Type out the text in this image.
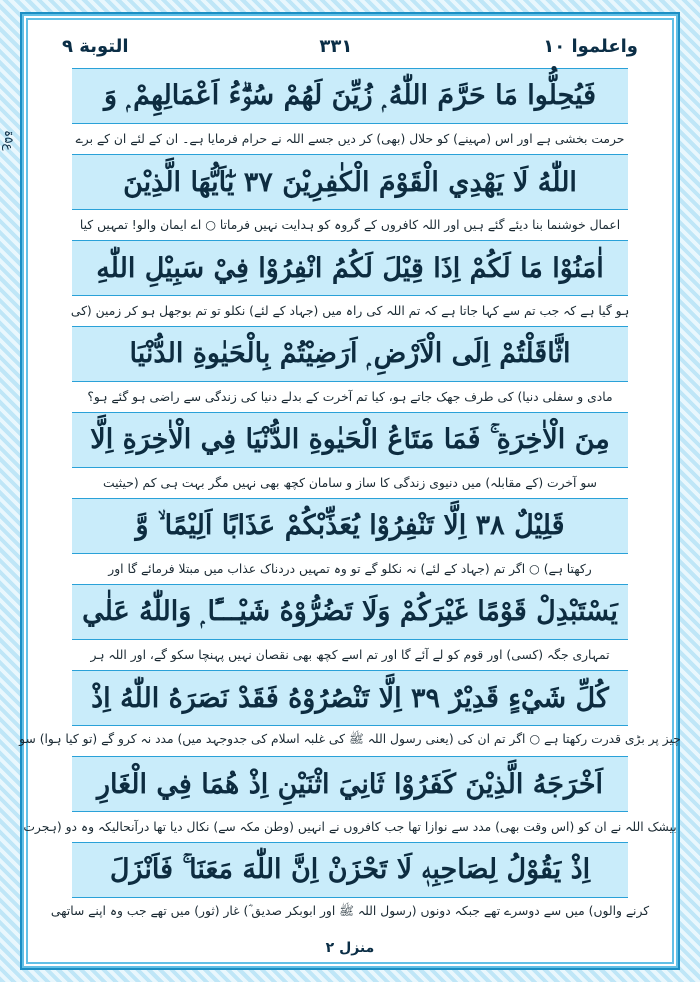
ع۵ۃ
واعلموا ۱۰
۳۳۱
التوبة ۹
فَيُحِلُّوا مَا حَرَّمَ اللّٰهُ ۭ زُيِّنَ لَهُمْ سُوْۗءُ اَعْمَالِهِمْ ۭ وَ
حرمت بخشی ہے اور اس (مہینے) کو حلال (بھی) کر دیں جسے اللہ نے حرام فرمایا ہے۔ ان کے لئے ان کے برے
اللّٰهُ لَا يَهْدِي الْقَوْمَ الْكٰفِرِيْنَ ۳۷ يٰٓاَيُّهَا الَّذِيْنَ
اعمال خوشنما بنا دیئے گئے ہیں اور اللہ کافروں کے گروہ کو ہدایت نہیں فرماتا ○ اے ایمان والو! تمہیں کیا
اٰمَنُوْا مَا لَكُمْ اِذَا قِيْلَ لَكُمُ انْفِرُوْا فِيْ سَبِيْلِ اللّٰهِ
ہو گیا ہے کہ جب تم سے کہا جاتا ہے کہ تم اللہ کی راہ میں (جہاد کے لئے) نکلو تو تم بوجھل ہو کر زمین (کی
اثَّاقَلْتُمْ اِلَى الْاَرْضِ ۭ اَرَضِيْتُمْ بِالْحَيٰوةِ الدُّنْيَا
مادی و سفلی دنیا) کی طرف جھک جاتے ہو، کیا تم آخرت کے بدلے دنیا کی زندگی سے راضی ہو گئے ہو؟
مِنَ الْاٰخِرَةِ ۚ فَمَا مَتَاعُ الْحَيٰوةِ الدُّنْيَا فِي الْاٰخِرَةِ اِلَّا
سو آخرت (کے مقابلہ) میں دنیوی زندگی کا ساز و سامان کچھ بھی نہیں مگر بہت ہی کم (حیثیت
قَلِيْلٌ ۳۸ اِلَّا تَنْفِرُوْا يُعَذِّبْكُمْ عَذَابًا اَلِيْمًا ۙ وَّ
رکھتا ہے) ○ اگر تم (جہاد کے لئے) نہ نکلو گے تو وہ تمہیں دردناک عذاب میں مبتلا فرمائے گا اور
يَسْتَبْدِلْ قَوْمًا غَيْرَكُمْ وَلَا تَضُرُّوْهُ شَيْـــًٔا ۭ وَاللّٰهُ عَلٰي
تمہاری جگہ (کسی) اور قوم کو لے آئے گا اور تم اسے کچھ بھی نقصان نہیں پہنچا سکو گے، اور اللہ ہر
كُلِّ شَيْءٍ قَدِيْرٌ ۳۹ اِلَّا تَنْصُرُوْهُ فَقَدْ نَصَرَهُ اللّٰهُ اِذْ
چیز پر بڑی قدرت رکھتا ہے ○ اگر تم ان کی (یعنی رسول اللہ ﷺ کی غلبہ اسلام کی جدوجہد میں) مدد نہ کرو گے (تو کیا ہوا) سو
اَخْرَجَهُ الَّذِيْنَ كَفَرُوْا ثَانِيَ اثْنَيْنِ اِذْ هُمَا فِي الْغَارِ
بیشک اللہ نے ان کو (اس وقت بھی) مدد سے نوازا تھا جب کافروں نے انہیں (وطن مکہ سے) نکال دیا تھا درآنحالیکہ وہ دو (ہجرت
اِذْ يَقُوْلُ لِصَاحِبِهٖ لَا تَحْزَنْ اِنَّ اللّٰهَ مَعَنَا ۚ فَاَنْزَلَ
کرنے والوں) میں سے دوسرے تھے جبکہ دونوں (رسول اللہ ﷺ اور ابوبکر صدیق ؓ) غار (ثور) میں تھے جب وہ اپنے ساتھی
منزل ۲
